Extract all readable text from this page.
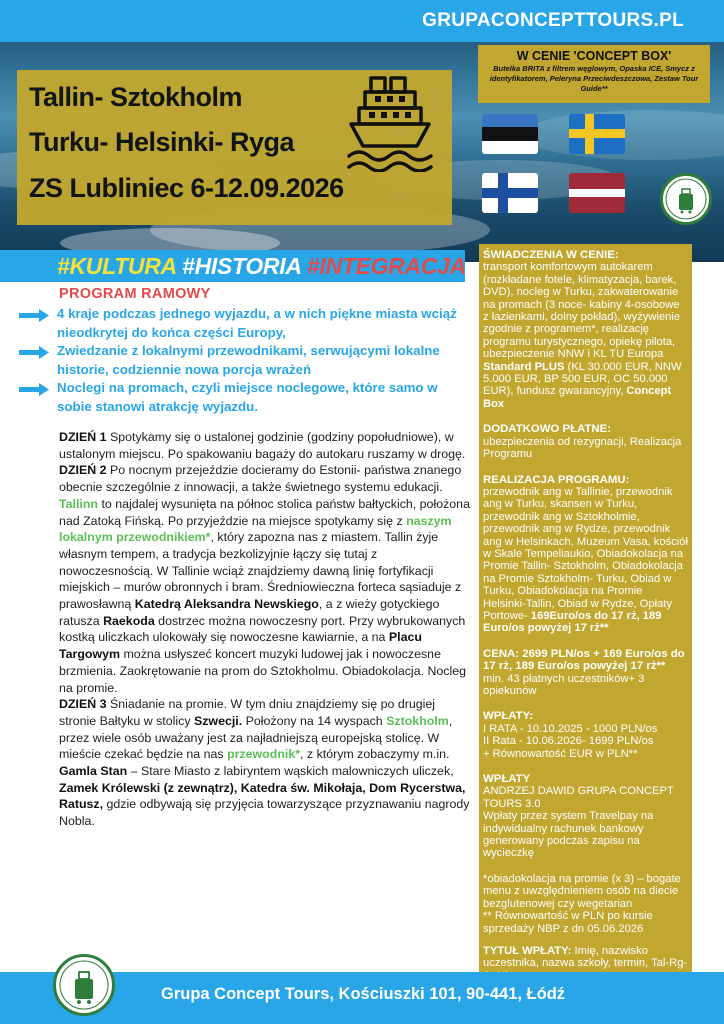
GRUPACONCEPTTOURS.PL
Tallin- Sztokholm
Turku- Helsinki- Ryga
ZS Lubliniec 6-12.09.2026
W CENIE 'CONCEPT BOX'
Butelka BRITA z filtrem węglowym, Opaska ICE, Smycz z identyfikatorem, Peleryna Przeciwdeszczowa, Zestaw Tour Guide**
#KULTURA #HISTORIA #INTEGRACJA
PROGRAM RAMOWY
4 kraje podczas jednego wyjazdu, a w nich piękne miasta wciąż nieodkrytej do końca części Europy,
Zwiedzanie z lokalnymi przewodnikami, serwującymi lokalne historie, codziennie nowa porcja wrażeń
Noclegi na promach, czyli miejsce noclegowe, które samo w sobie stanowi atrakcję wyjazdu.

DZIEŃ 1 Spotykamy się o ustalonej godzinie (godziny popołudniowe), w ustalonym miejscu. Po spakowaniu bagaży do autokaru ruszamy w drogę.

DZIEŃ 2 Po nocnym przejeździe docieramy do Estonii- państwa znanego obecnie szczególnie z innowacji, a także świetnego systemu edukacji. Tallinn to najdalej wysunięta na północ stolica państw bałtyckich, położona nad Zatoką Fińską. Po przyjeździe na miejsce spotykamy się z naszym lokalnym przewodnikiem*, który zapozna nas z miastem. Tallin żyje własnym tempem, a tradycja bezkolizyjnie łączy się tutaj z nowoczesnością. W Tallinie wciąż znajdziemy dawną linię fortyfikacji miejskich – murów obronnych i bram. Średniowieczna forteca sąsiaduje z prawosławną Katedrą Aleksandra Newskiego, a z wieży gotyckiego ratusza Raekoda dostrzec można nowoczesny port. Przy wybrukowanych kostką uliczkach ulokowały się nowoczesne kawiarnie, a na Placu Targowym można usłyszeć koncert muzyki ludowej jak i nowoczesne brzmienia. Zaokrętowanie na prom do Sztokholmu. Obiadokolacja. Nocleg na promie.

DZIEŃ 3 Śniadanie na promie. W tym dniu znajdziemy się po drugiej stronie Bałtyku w stolicy Szwecji. Położony na 14 wyspach Sztokholm, przez wiele osób uważany jest za najładniejszą europejską stolicę. W mieście czekać będzie na nas przewodnik*, z którym zobaczymy m.in. Gamla Stan – Stare Miasto z labiryntem wąskich malowniczych uliczek,

Zamek Królewski (z zewnątrz), Katedra św. Mikołaja, Dom Rycerstwa, Ratusz, gdzie odbywają się przyjęcia towarzyszące przyznawaniu nagrody Nobla.

ŚWIADCZENIA W CENIE:

transport komfortowym autokarem (rozkładane fotele, klimatyzacja, barek, DVD), nocleg w Turku, zakwaterowanie na promach (3 noce- kabiny 4-osobowe z łazienkami, dolny pokład), wyżywienie zgodnie z programem*, realizację programu turystycznego, opiekę pilota, ubezpieczenie NNW i KL TU Europa Standard PLUS (KL 30.000 EUR, NNW 5.000 EUR, BP 500 EUR, OC 50.000 EUR), fundusz gwarancyjny, Concept Box

DODATKOWO PŁATNE:

ubezpieczenia od rezygnacji, Realizacja Programu

REALIZACJA PROGRAMU:

przewodnik ang w Tallinie, przewodnik ang w Turku, skansen w Turku, przewodnik ang w Sztokholmie, przewodnik ang w Rydze, przewodnik ang w Helsinkach, Muzeum Vasa, kościół w Skale Tempeliaukio, Obiadokolacja na Promie Tallin- Sztokholm, Obiadokolacja na Promie Sztokholm- Turku, Obiad w Turku, Obiadokolacja na Promie Helsinki-Tallin, Obiad w Rydze, Opłaty Portowe- 169Euro/os do 17 rż, 189 Euro/os powyżej 17 rż**

CENA: 2699 PLN/os + 169 Euro/os do 17 rż, 189 Euro/os powyżej 17 rż**

min. 43 płatnych uczestników+ 3 opiekunów

WPŁATY:

I RATA - 10.10.2025 - 1000 PLN/os

II Rata - 10.06.2026- 1699 PLN/os

+ Równowartość EUR w PLN**

WPŁATY

ANDRZEJ DAWID GRUPA CONCEPT TOURS 3.0

Wpłaty przez system Travelpay na indywidualny rachunek bankowy generowany podczas zapisu na wycieczkę

*obiadokolacja na promie (x 3) – bogate menu z uwzględnieniem osób na diecie bezglutenowej czy wegetarian

** Równowartość w PLN po kursie sprzedaży NBP z dn 05.06.2026

TYTUŁ WPŁATY: Imię, nazwisko uczestnika, nazwa szkoły, termin, Tal-Rg-

Grupa Concept Tours, Kościuszki 101, 90-441, Łódź
